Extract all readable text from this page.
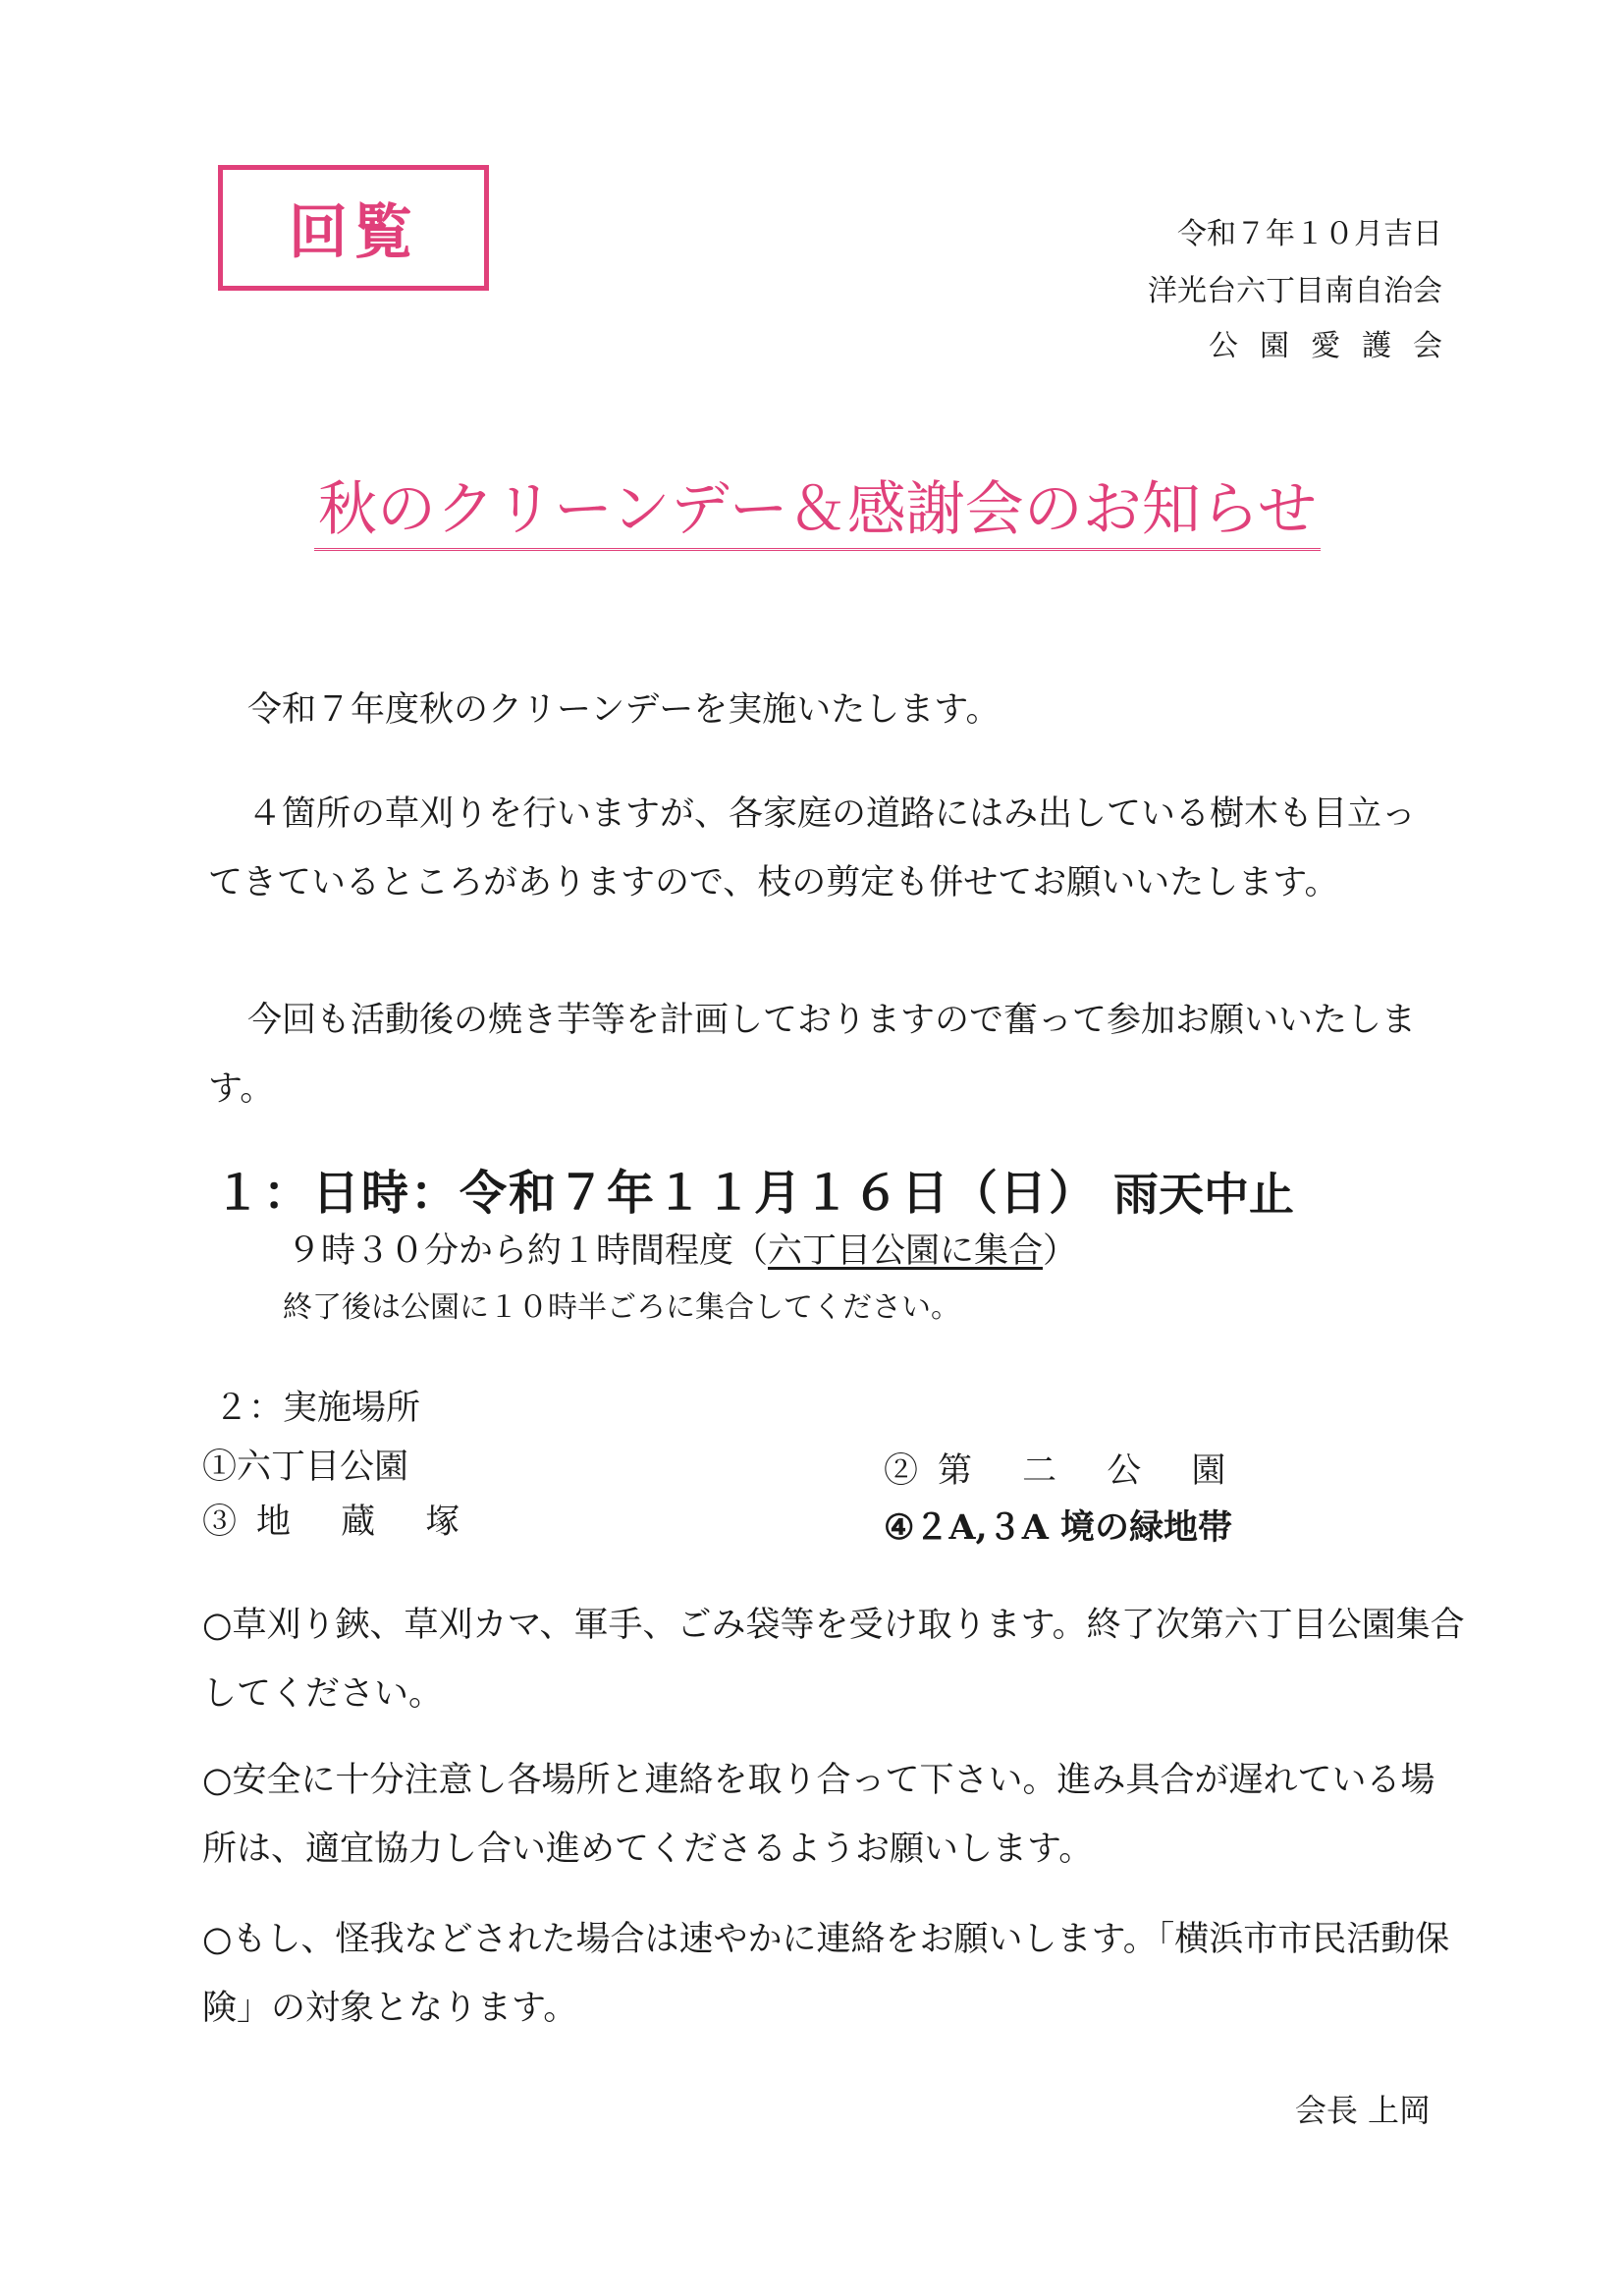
回覧	令和７年１０月吉日
洋光台六丁目南自治会
公園愛護会
秋のクリーンデー＆感謝会のお知らせ

令和７年度秋のクリーンデーを実施いたします。

４箇所の草刈りを行いますが、各家庭の道路にはみ出している樹木も目立ってきているところがありますので、枝の剪定も併せてお願いいたします。

今回も活動後の焼き芋等を計画しておりますので奮って参加お願いいたします。

１：日時：令和７年１１月１６日（日） 雨天中止
９時３０分から約１時間程度（六丁目公園に集合）
終了後は公園に１０時半ごろに集合してください。
２：実施場所
①六丁目公園	②第 二 公 園
③地 蔵 塚	④２A,３A 境の緑地帯
○草刈り鋏、草刈カマ、軍手、ごみ袋等を受け取ります。終了次第六丁目公園集合してください。
○安全に十分注意し各場所と連絡を取り合って下さい。進み具合が遅れている場所は、適宜協力し合い進めてくださるようお願いします。
○もし、怪我などされた場合は速やかに連絡をお願いします。「横浜市市民活動保険」の対象となります。
会長 上岡
